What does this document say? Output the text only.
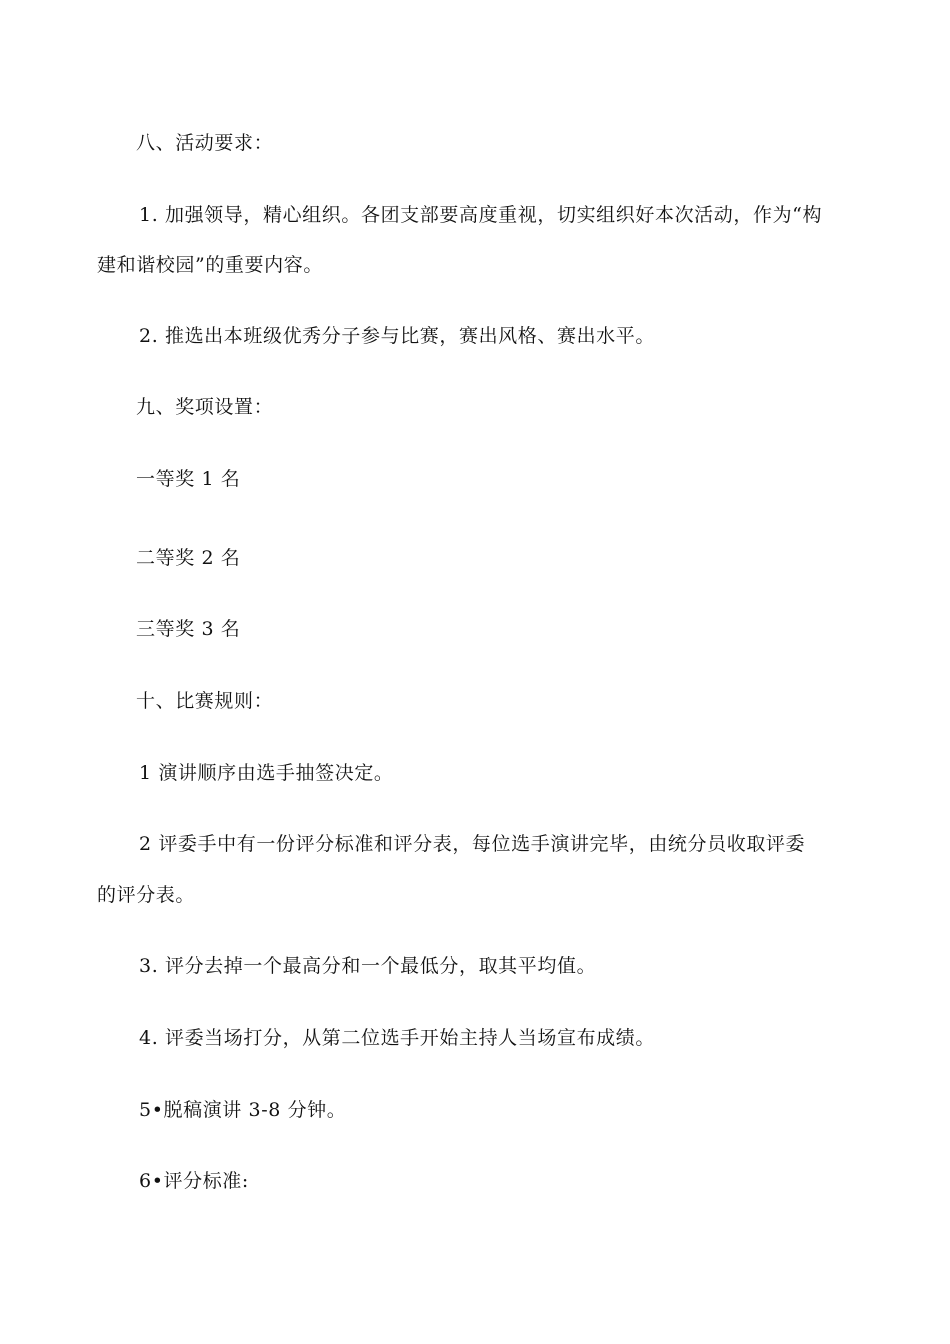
八、活动要求：
1. 加强领导，精心组织。各团支部要高度重视，切实组织好本次活动，作为“构
建和谐校园”的重要内容。
2. 推选出本班级优秀分子参与比赛，赛出风格、赛出水平。
九、奖项设置：
一等奖 1 名
二等奖 2 名
三等奖 3 名
十、比赛规则：
1 演讲顺序由选手抽签决定。
2 评委手中有一份评分标准和评分表，每位选手演讲完毕，由统分员收取评委
的评分表。
3. 评分去掉一个最高分和一个最低分，取其平均值。
4. 评委当场打分，从第二位选手开始主持人当场宣布成绩。
5•脱稿演讲 3-8 分钟。
6•评分标准:
